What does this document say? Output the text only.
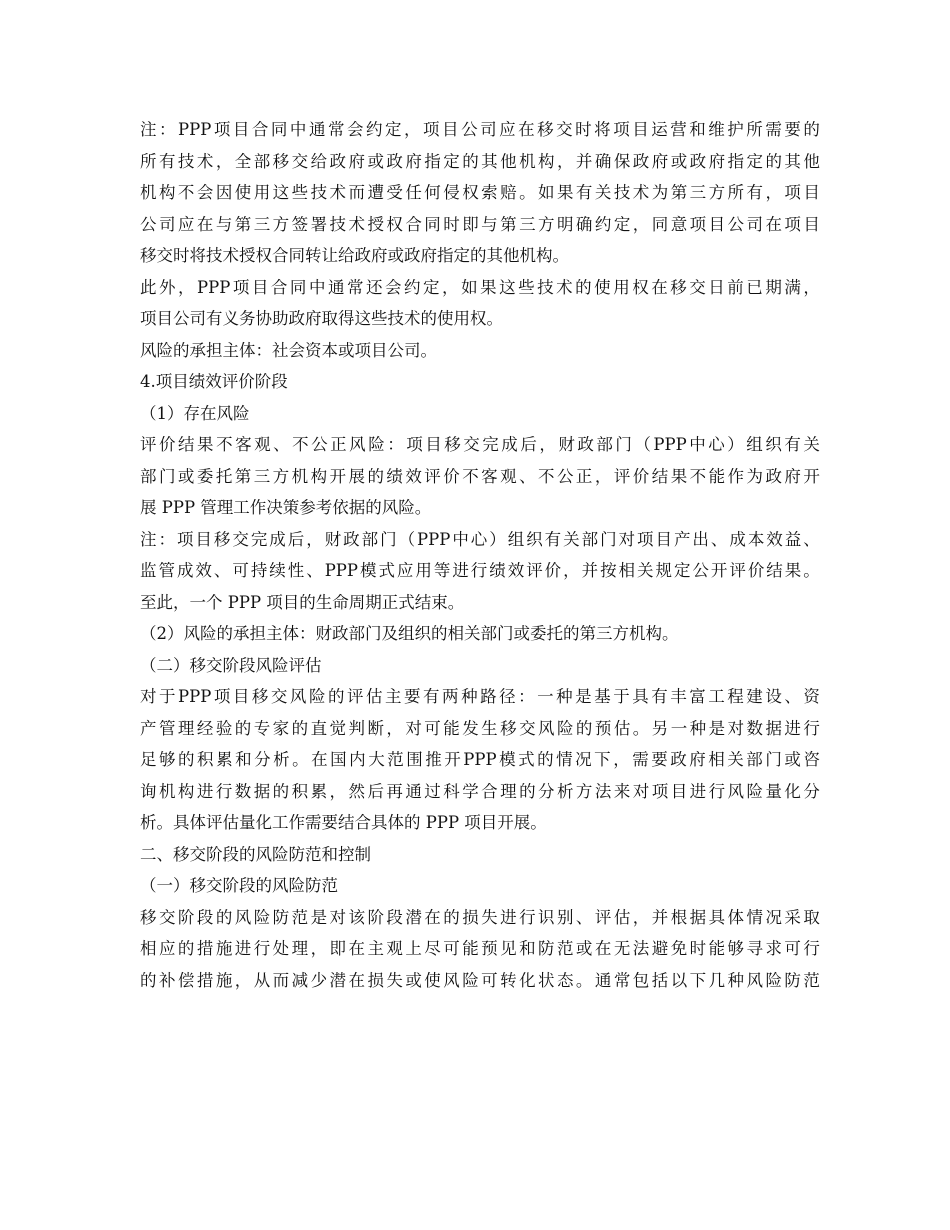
注 ： PPP 项 目 合 同 中 通 常 会 约 定 ， 项 目 公 司 应 在 移 交 时 将 项 目 运 营 和 维 护 所 需 要 的
所 有 技 术 ， 全 部 移 交 给 政 府 或 政 府 指 定 的 其 他 机 构 ， 并 确 保 政 府 或 政 府 指 定 的 其 他
机 构 不 会 因 使 用 这 些 技 术 而 遭 受 任 何 侵 权 索 赔 。 如 果 有 关 技 术 为 第 三 方 所 有 ， 项 目
公 司 应 在 与 第 三 方 签 署 技 术 授 权 合 同 时 即 与 第 三 方 明 确 约 定 ， 同 意 项 目 公 司 在 项 目
移交时将技术授权合同转让给政府或政府指定的其他机构。
此 外 ， PPP 项 目 合 同 中 通 常 还 会 约 定 ， 如 果 这 些 技 术 的 使 用 权 在 移 交 日 前 已 期 满 ，
项目公司有义务协助政府取得这些技术的使用权。
风险的承担主体：社会资本或项目公司。
4.项目绩效评价阶段
（1）存在风险
评 价 结 果 不 客 观 、 不 公 正 风 险 ： 项 目 移 交 完 成 后 ， 财 政 部 门 （ PPP 中 心 ） 组 织 有 关
部 门 或 委 托 第 三 方 机 构 开 展 的 绩 效 评 价 不 客 观 、 不 公 正 ， 评 价 结 果 不 能 作 为 政 府 开
展 PPP 管理工作决策参考依据的风险。
注 ： 项 目 移 交 完 成 后 ， 财 政 部 门 （ PPP 中 心 ） 组 织 有 关 部 门 对 项 目 产 出 、 成 本 效 益 、
监 管 成 效 、 可 持 续 性 、 PPP 模 式 应 用 等 进 行 绩 效 评 价 ， 并 按 相 关 规 定 公 开 评 价 结 果 。
至此，一个 PPP 项目的生命周期正式结束。
（2）风险的承担主体：财政部门及组织的相关部门或委托的第三方机构。
（二）移交阶段风险评估
对 于 PPP 项 目 移 交 风 险 的 评 估 主 要 有 两 种 路 径 ： 一 种 是 基 于 具 有 丰 富 工 程 建 设 、 资
产 管 理 经 验 的 专 家 的 直 觉 判 断 ， 对 可 能 发 生 移 交 风 险 的 预 估 。 另 一 种 是 对 数 据 进 行
足 够 的 积 累 和 分 析 。 在 国 内 大 范 围 推 开 PPP 模 式 的 情 况 下 ， 需 要 政 府 相 关 部 门 或 咨
询 机 构 进 行 数 据 的 积 累 ， 然 后 再 通 过 科 学 合 理 的 分 析 方 法 来 对 项 目 进 行 风 险 量 化 分
析。具体评估量化工作需要结合具体的 PPP 项目开展。
二、移交阶段的风险防范和控制
（一）移交阶段的风险防范
移 交 阶 段 的 风 险 防 范 是 对 该 阶 段 潜 在 的 损 失 进 行 识 别 、 评 估 ， 并 根 据 具 体 情 况 采 取
相 应 的 措 施 进 行 处 理 ， 即 在 主 观 上 尽 可 能 预 见 和 防 范 或 在 无 法 避 免 时 能 够 寻 求 可 行
的 补 偿 措 施 ， 从 而 减 少 潜 在 损 失 或 使 风 险 可 转 化 状 态 。 通 常 包 括 以 下 几 种 风 险 防 范
